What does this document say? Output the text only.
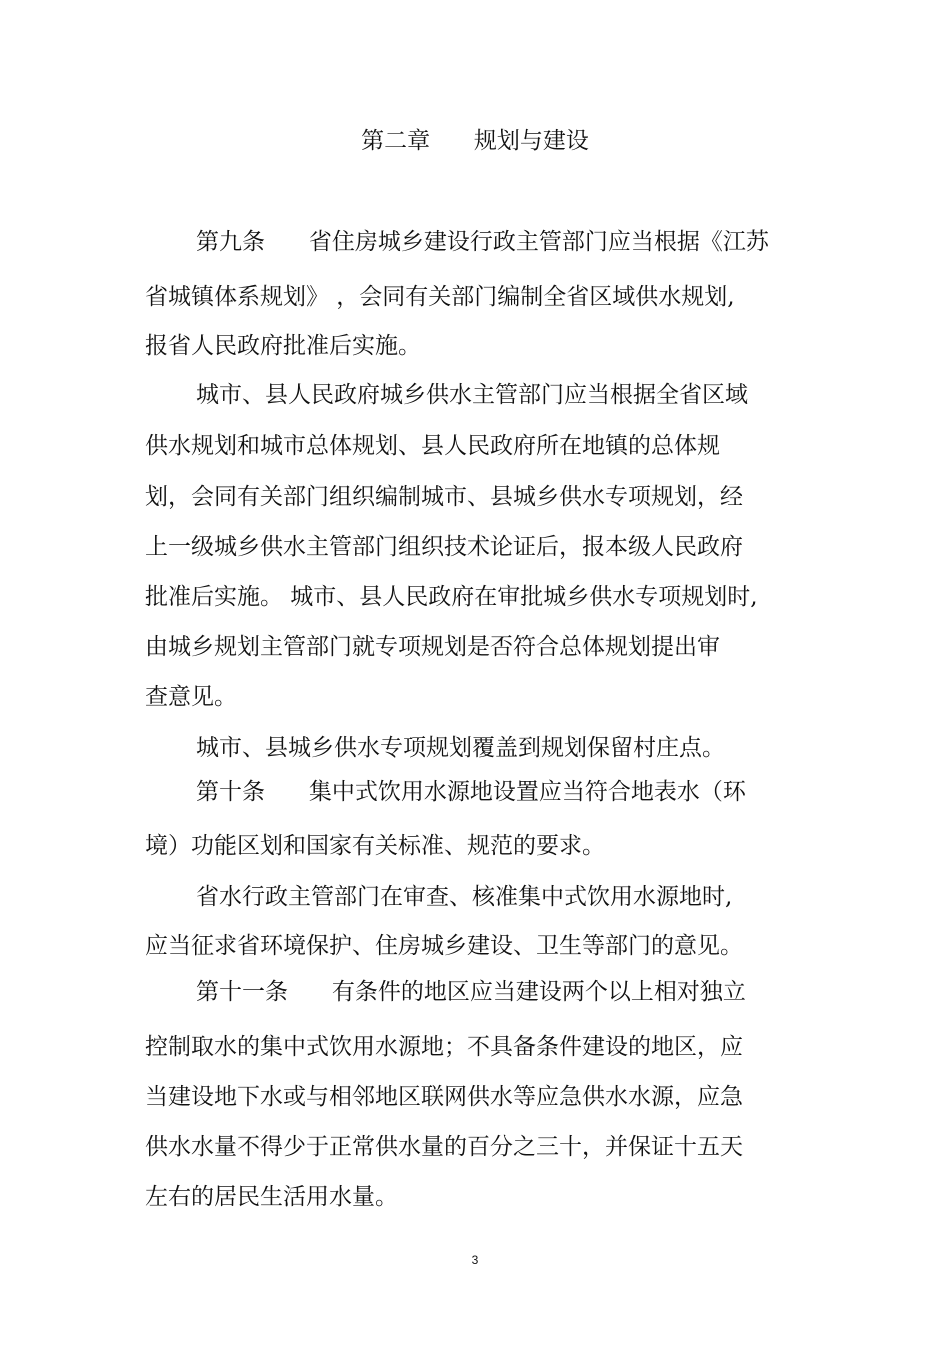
第二章      规划与建设
第九条      省住房城乡建设行政主管部门应当根据《江苏
省城镇体系规划》 ，会同有关部门编制全省区域供水规划,
报省人民政府批准后实施。
城市、县人民政府城乡供水主管部门应当根据全省区域
供水规划和城市总体规划、县人民政府所在地镇的总体规
划，会同有关部门组织编制城市、县城乡供水专项规划，经
上一级城乡供水主管部门组织技术论证后，报本级人民政府
批准后实施。 城市、县人民政府在审批城乡供水专项规划时,
由城乡规划主管部门就专项规划是否符合总体规划提出审
查意见。
城市、县城乡供水专项规划覆盖到规划保留村庄点。
第十条      集中式饮用水源地设置应当符合地表水（环
境）功能区划和国家有关标准、规范的要求。
省水行政主管部门在审查、核准集中式饮用水源地时,
应当征求省环境保护、住房城乡建设、卫生等部门的意见。
第十一条      有条件的地区应当建设两个以上相对独立
控制取水的集中式饮用水源地；不具备条件建设的地区，应
当建设地下水或与相邻地区联网供水等应急供水水源，应急
供水水量不得少于正常供水量的百分之三十，并保证十五天
左右的居民生活用水量。
3
